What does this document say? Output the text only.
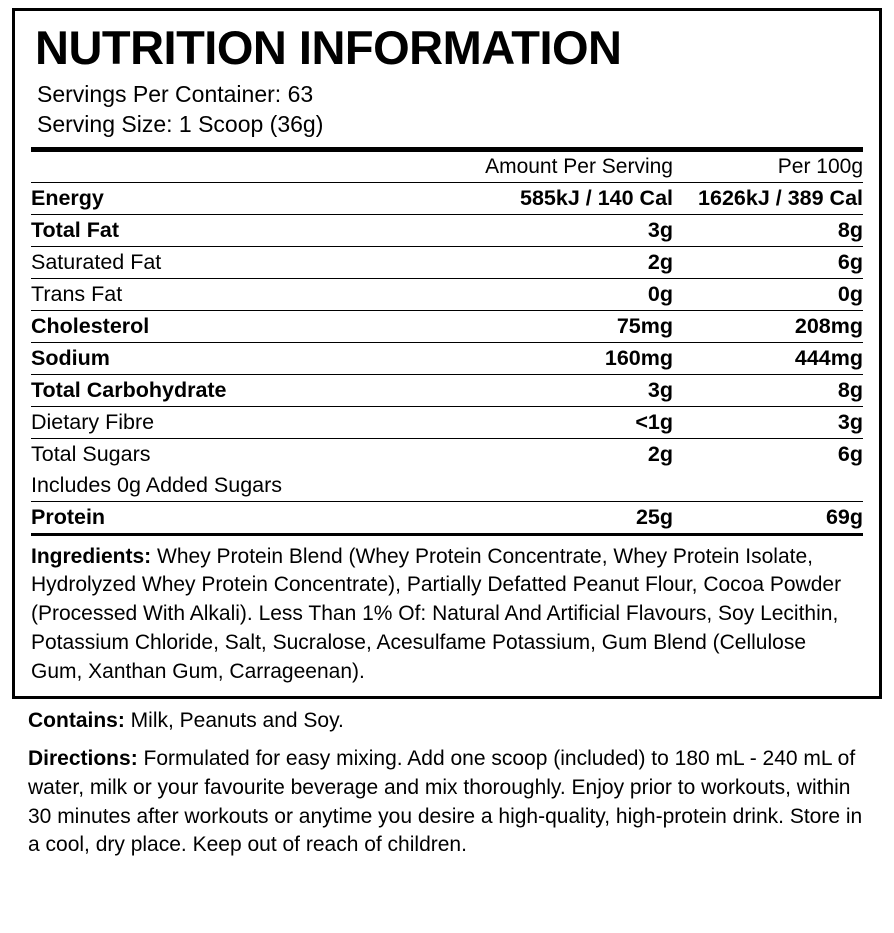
NUTRITION INFORMATION
Servings Per Container: 63
Serving Size: 1 Scoop (36g)
	Amount Per Serving	Per 100g
Energy	585kJ / 140 Cal	1626kJ / 389 Cal
Total Fat	3g	8g
Saturated Fat	2g	6g
Trans Fat	0g	0g
Cholesterol	75mg	208mg
Sodium	160mg	444mg
Total Carbohydrate	3g	8g
Dietary Fibre	<1g	3g
Total Sugars	2g	6g
Includes 0g Added Sugars		
Protein	25g	69g
Ingredients: Whey Protein Blend (Whey Protein Concentrate, Whey Protein Isolate, Hydrolyzed Whey Protein Concentrate), Partially Defatted Peanut Flour, Cocoa Powder (Processed With Alkali). Less Than 1% Of: Natural And Artificial Flavours, Soy Lecithin, Potassium Chloride, Salt, Sucralose, Acesulfame Potassium, Gum Blend (Cellulose Gum, Xanthan Gum, Carrageenan).
Contains: Milk, Peanuts and Soy.
Directions: Formulated for easy mixing. Add one scoop (included) to 180 mL - 240 mL of water, milk or your favourite beverage and mix thoroughly. Enjoy prior to workouts, within 30 minutes after workouts or anytime you desire a high-quality, high-protein drink. Store in a cool, dry place. Keep out of reach of children.
